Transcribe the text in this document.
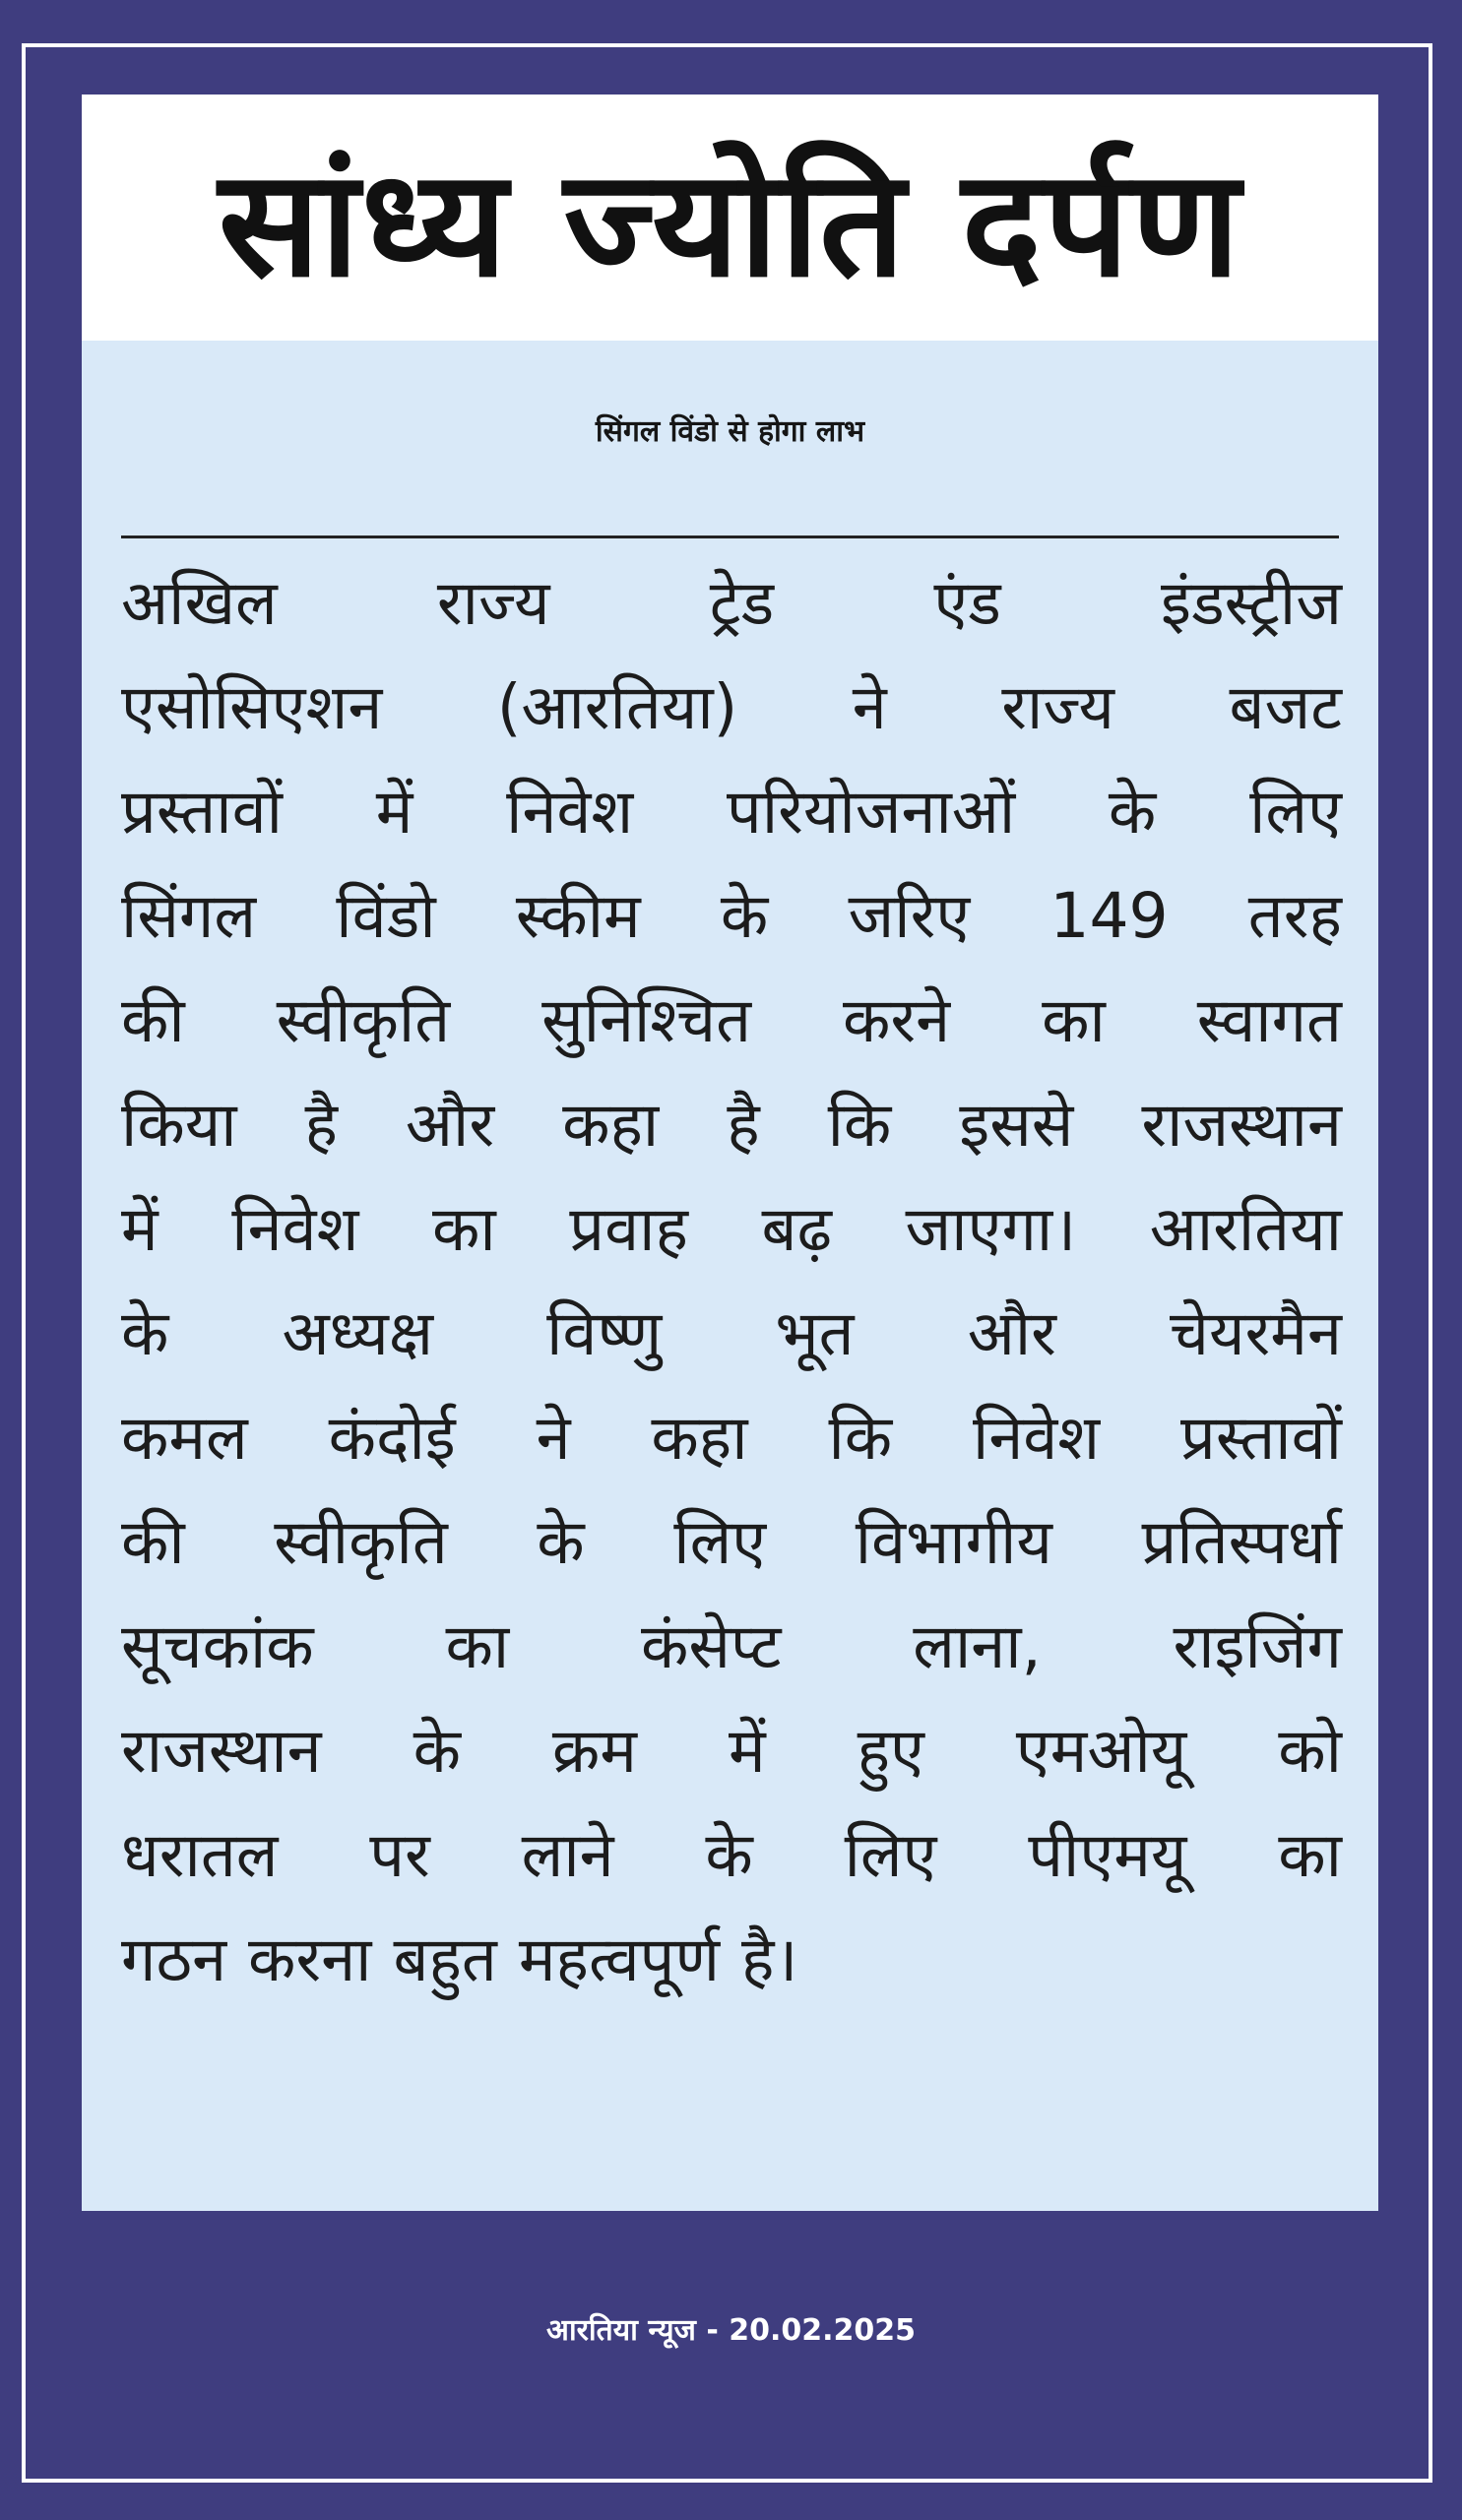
सांध्य ज्योति दर्पण
सिंगल विंडो से होगा लाभ
अखिल	राज्य	ट्रेड	एंड	इंडस्ट्रीज
एसोसिएशन (आरतिया) ने राज्य बजट
प्रस्तावों में निवेश परियोजनाओं के लिए
सिंगल विंडो स्कीम के जरिए 149 तरह
की स्वीकृति सुनिश्चित करने का स्वागत
किया है और कहा है कि इससे राजस्थान
में निवेश का प्रवाह बढ़ जाएगा। आरतिया
के अध्यक्ष विष्णु भूत और चेयरमैन
कमल कंदोई ने कहा कि निवेश प्रस्तावों
की स्वीकृति के लिए विभागीय प्रतिस्पर्धा
सूचकांक का कंसेप्ट लाना, राइजिंग
राजस्थान के क्रम में हुए एमओयू को
धरातल पर लाने के लिए पीएमयू का
गठन करना बहुत महत्वपूर्ण है।
आरतिया न्यूज - 20.02.2025
